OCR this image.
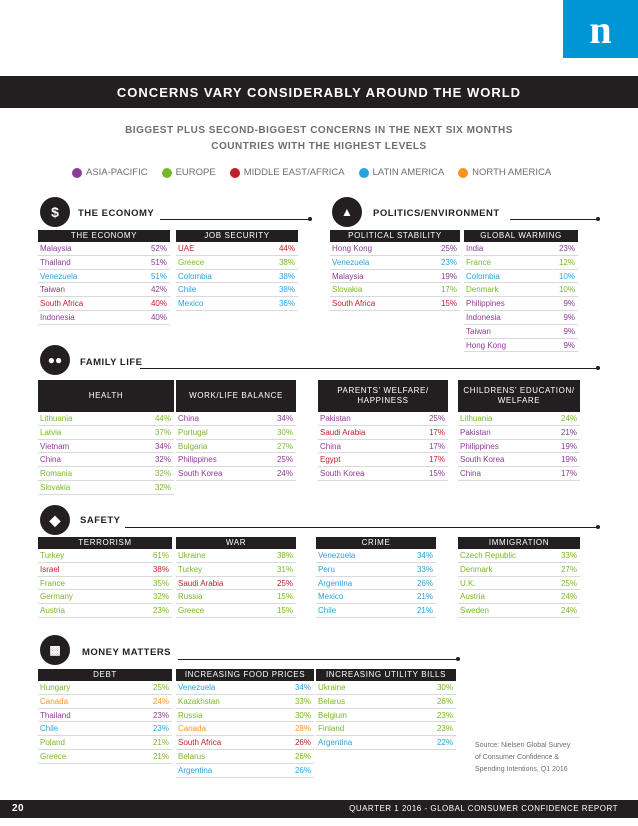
n
CONCERNS VARY CONSIDERABLY AROUND THE WORLD
BIGGEST PLUS SECOND-BIGGEST CONCERNS IN THE NEXT SIX MONTHS
COUNTRIES WITH THE HIGHEST LEVELS
ASIA-PACIFIC	EUROPE	MIDDLE EAST/AFRICA	LATIN AMERICA	NORTH AMERICA
$	THE ECONOMY	▲	POLITICS/ENVIRONMENT
●●	FAMILY LIFE
◆	SAFETY
▩	MONEY MATTERS
THE ECONOMY
Malaysia	52%
Thailand	51%
Venezuela	51%
Taiwan	42%
South Africa	40%
Indonesia	40%
JOB SECURITY
UAE	44%
Greece	38%
Colombia	38%
Chile	38%
Mexico	36%
POLITICAL STABILITY
Hong Kong	25%
Venezuela	23%
Malaysia	19%
Slovakia	17%
South Africa	15%
GLOBAL WARMING
India	23%
France	12%
Colombia	10%
Denmark	10%
Philippines	9%
Indonesia	9%
Taiwan	9%
Hong Kong	9%
HEALTH
Lithuania	44%
Latvia	37%
Vietnam	34%
China	32%
Romania	32%
Slovakia	32%
WORK/LIFE BALANCE
China	34%
Portugal	30%
Bulgaria	27%
Philippines	25%
South Korea	24%
PARENTS' WELFARE/ HAPPINESS
Pakistan	25%
Saudi Arabia	17%
China	17%
Egypt	17%
South Korea	15%
CHILDRENS' EDUCATION/ WELFARE
Lithuania	24%
Pakistan	21%
Philippines	19%
South Korea	19%
China	17%
TERRORISM
Turkey	61%
Israel	38%
France	35%
Germany	32%
Austria	23%
WAR
Ukraine	38%
Turkey	31%
Saudi Arabia	25%
Russia	15%
Greece	15%
CRIME
Venezuela	34%
Peru	33%
Argentina	26%
Mexico	21%
Chile	21%
IMMIGRATION
Czech Republic	33%
Denmark	27%
U.K.	25%
Austria	24%
Sweden	24%
DEBT
Hungary	25%
Canada	24%
Thailand	23%
Chile	23%
Poland	21%
Greece	21%
INCREASING FOOD PRICES
Venezuela	34%
Kazakhstan	33%
Russia	30%
Canada	28%
South Africa	26%
Belarus	26%
Argentina	26%
INCREASING UTILITY BILLS
Ukraine	30%
Belarus	26%
Belgium	23%
Finland	23%
Argentina	22%	Source: Nielsen Global Survey
of Consumer Confidence &
Spending Intentions, Q1 2016
20	QUARTER 1 2016 - GLOBAL CONSUMER CONFIDENCE REPORT
